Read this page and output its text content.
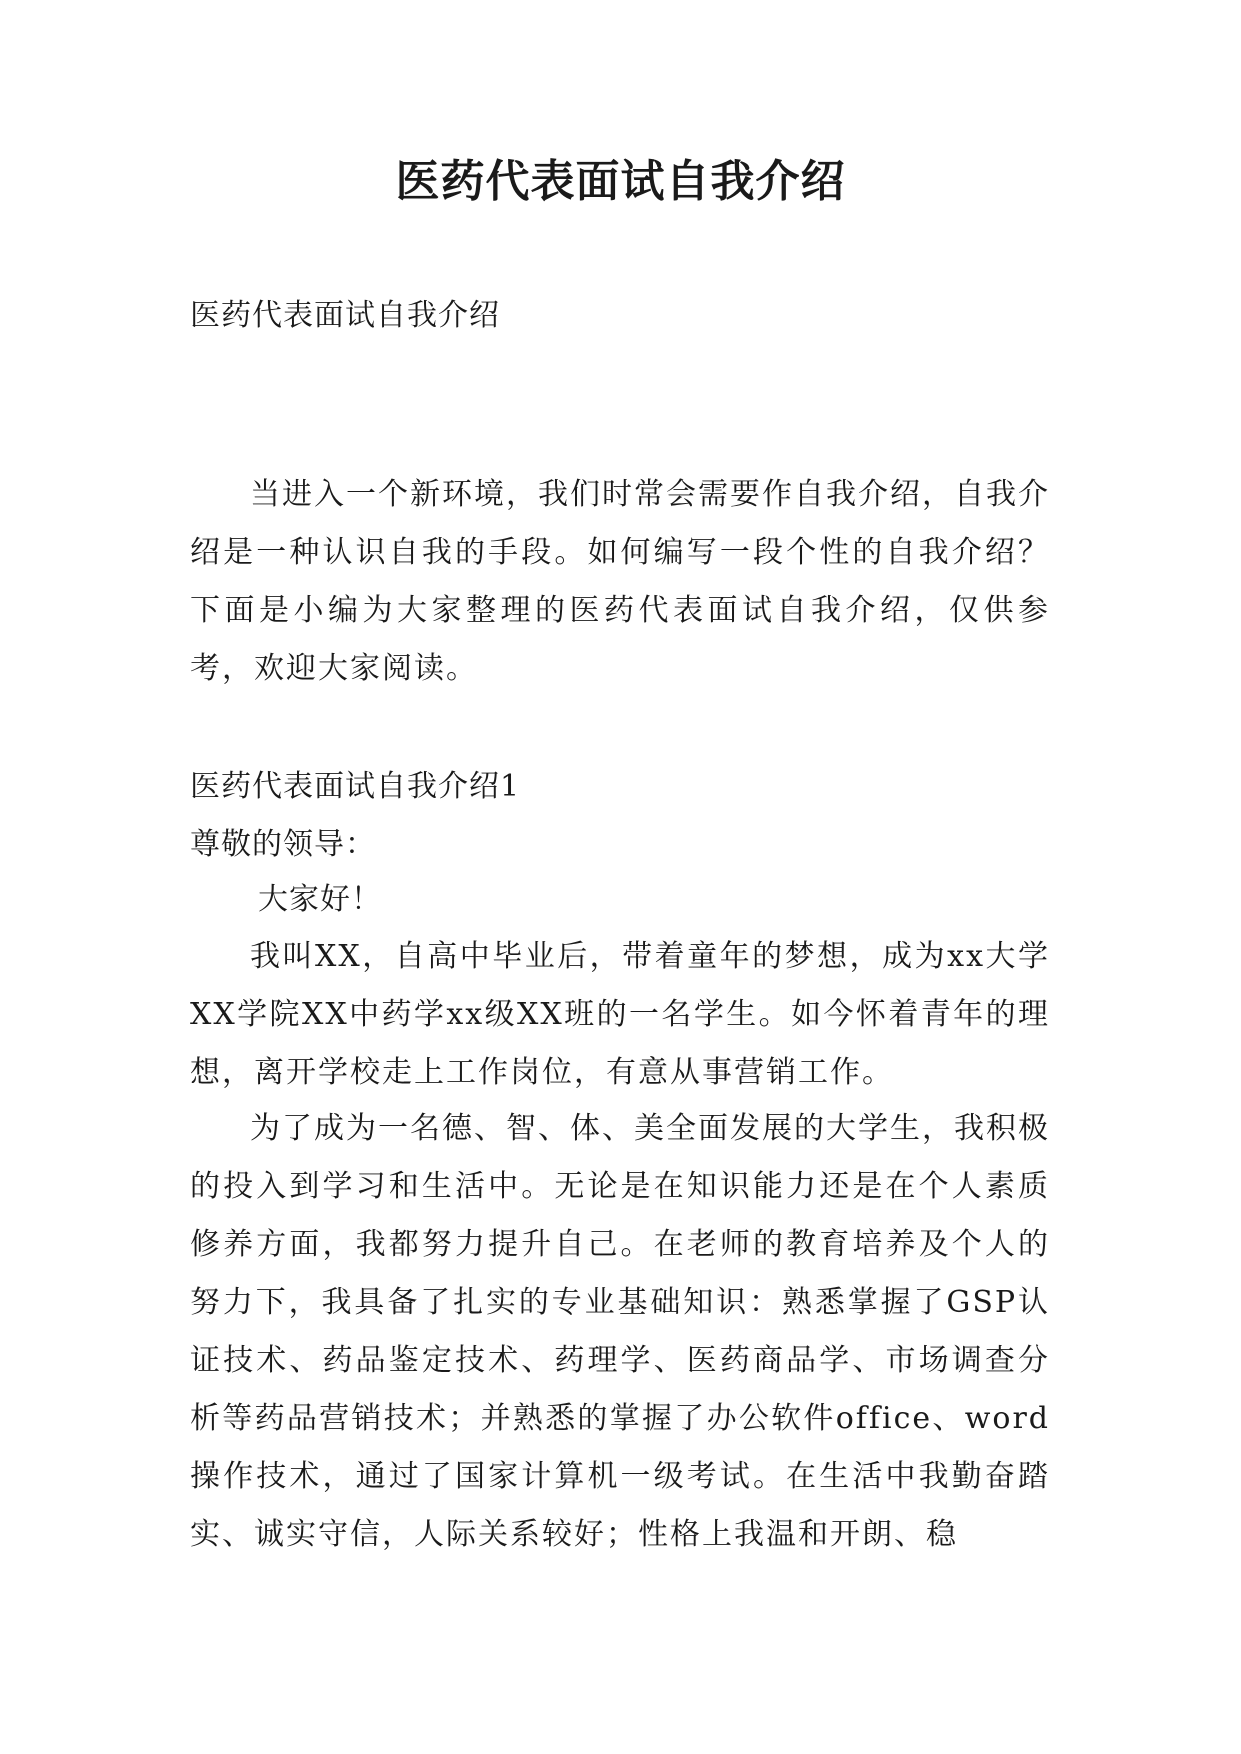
医药代表面试自我介绍

医药代表面试自我介绍

当进入一个新环境，我们时常会需要作自我介绍，自我介绍是一种认识自我的手段。如何编写一段个性的自我介绍？下面是小编为大家整理的医药代表面试自我介绍，仅供参考，欢迎大家阅读。

医药代表面试自我介绍1

尊敬的领导：

大家好！

我叫XX，自高中毕业后，带着童年的梦想，成为xx大学XX学院XX中药学xx级XX班的一名学生。如今怀着青年的理想，离开学校走上工作岗位，有意从事营销工作。

为了成为一名德、智、体、美全面发展的大学生，我积极的投入到学习和生活中。无论是在知识能力还是在个人素质修养方面，我都努力提升自己。在老师的教育培养及个人的努力下，我具备了扎实的专业基础知识：熟悉掌握了GSP认证技术、药品鉴定技术、药理学、医药商品学、市场调查分析等药品营销技术；并熟悉的掌握了办公软件office、word操作技术，通过了国家计算机一级考试。在生活中我勤奋踏实、诚实守信，人际关系较好；性格上我温和开朗、稳
